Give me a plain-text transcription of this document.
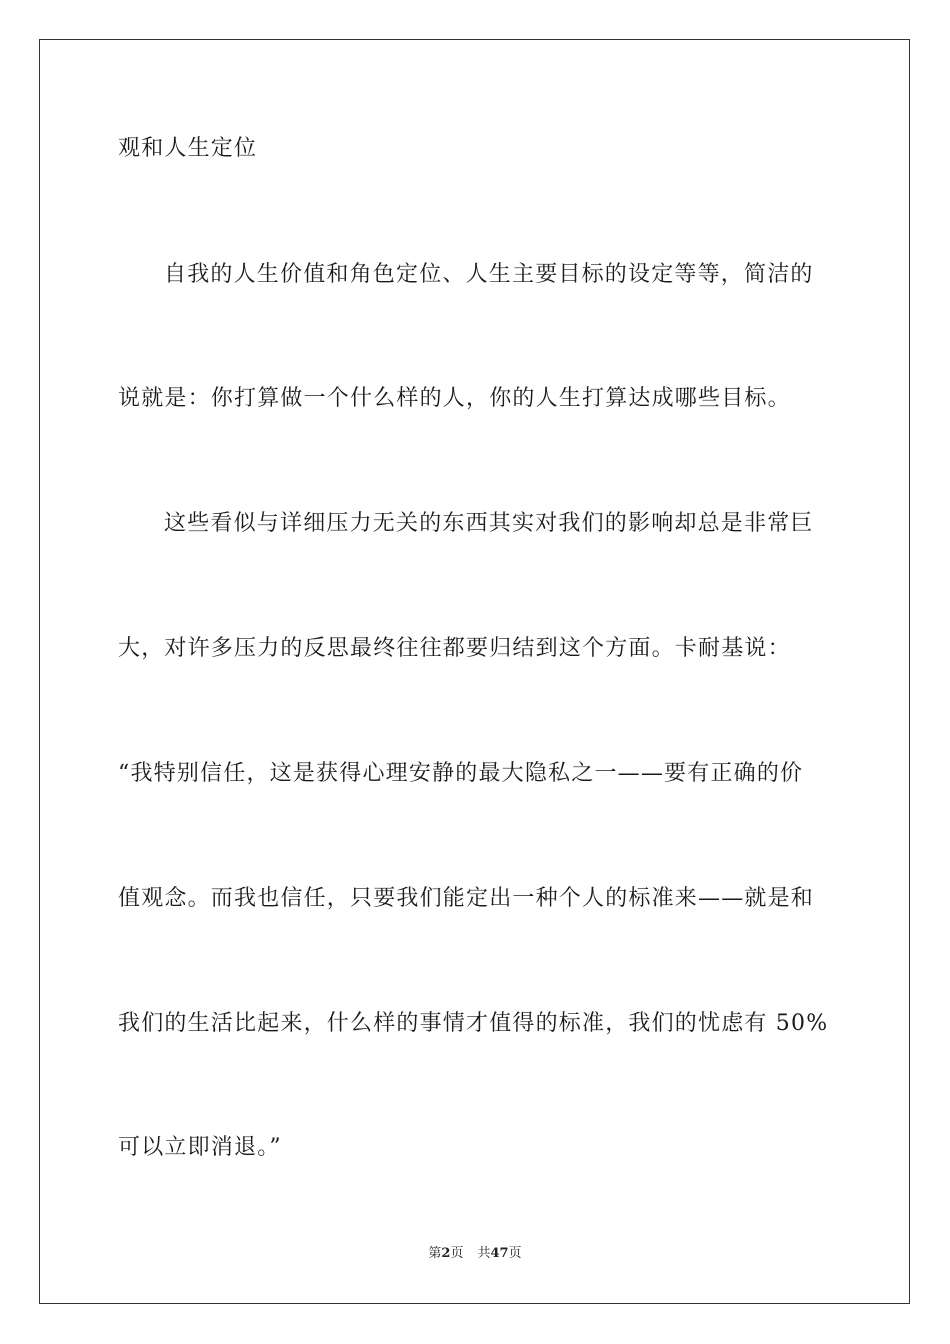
观和人生定位
自我的人生价值和角色定位、人生主要目标的设定等等，简洁的
说就是：你打算做一个什么样的人，你的人生打算达成哪些目标。
这些看似与详细压力无关的东西其实对我们的影响却总是非常巨
大，对许多压力的反思最终往往都要归结到这个方面。卡耐基说：
“我特别信任，这是获得心理安静的最大隐私之一——要有正确的价
值观念。而我也信任，只要我们能定出一种个人的标准来——就是和
我们的生活比起来，什么样的事情才值得的标准，我们的忧虑有 50%
可以立即消退。”
第2页 共47页
